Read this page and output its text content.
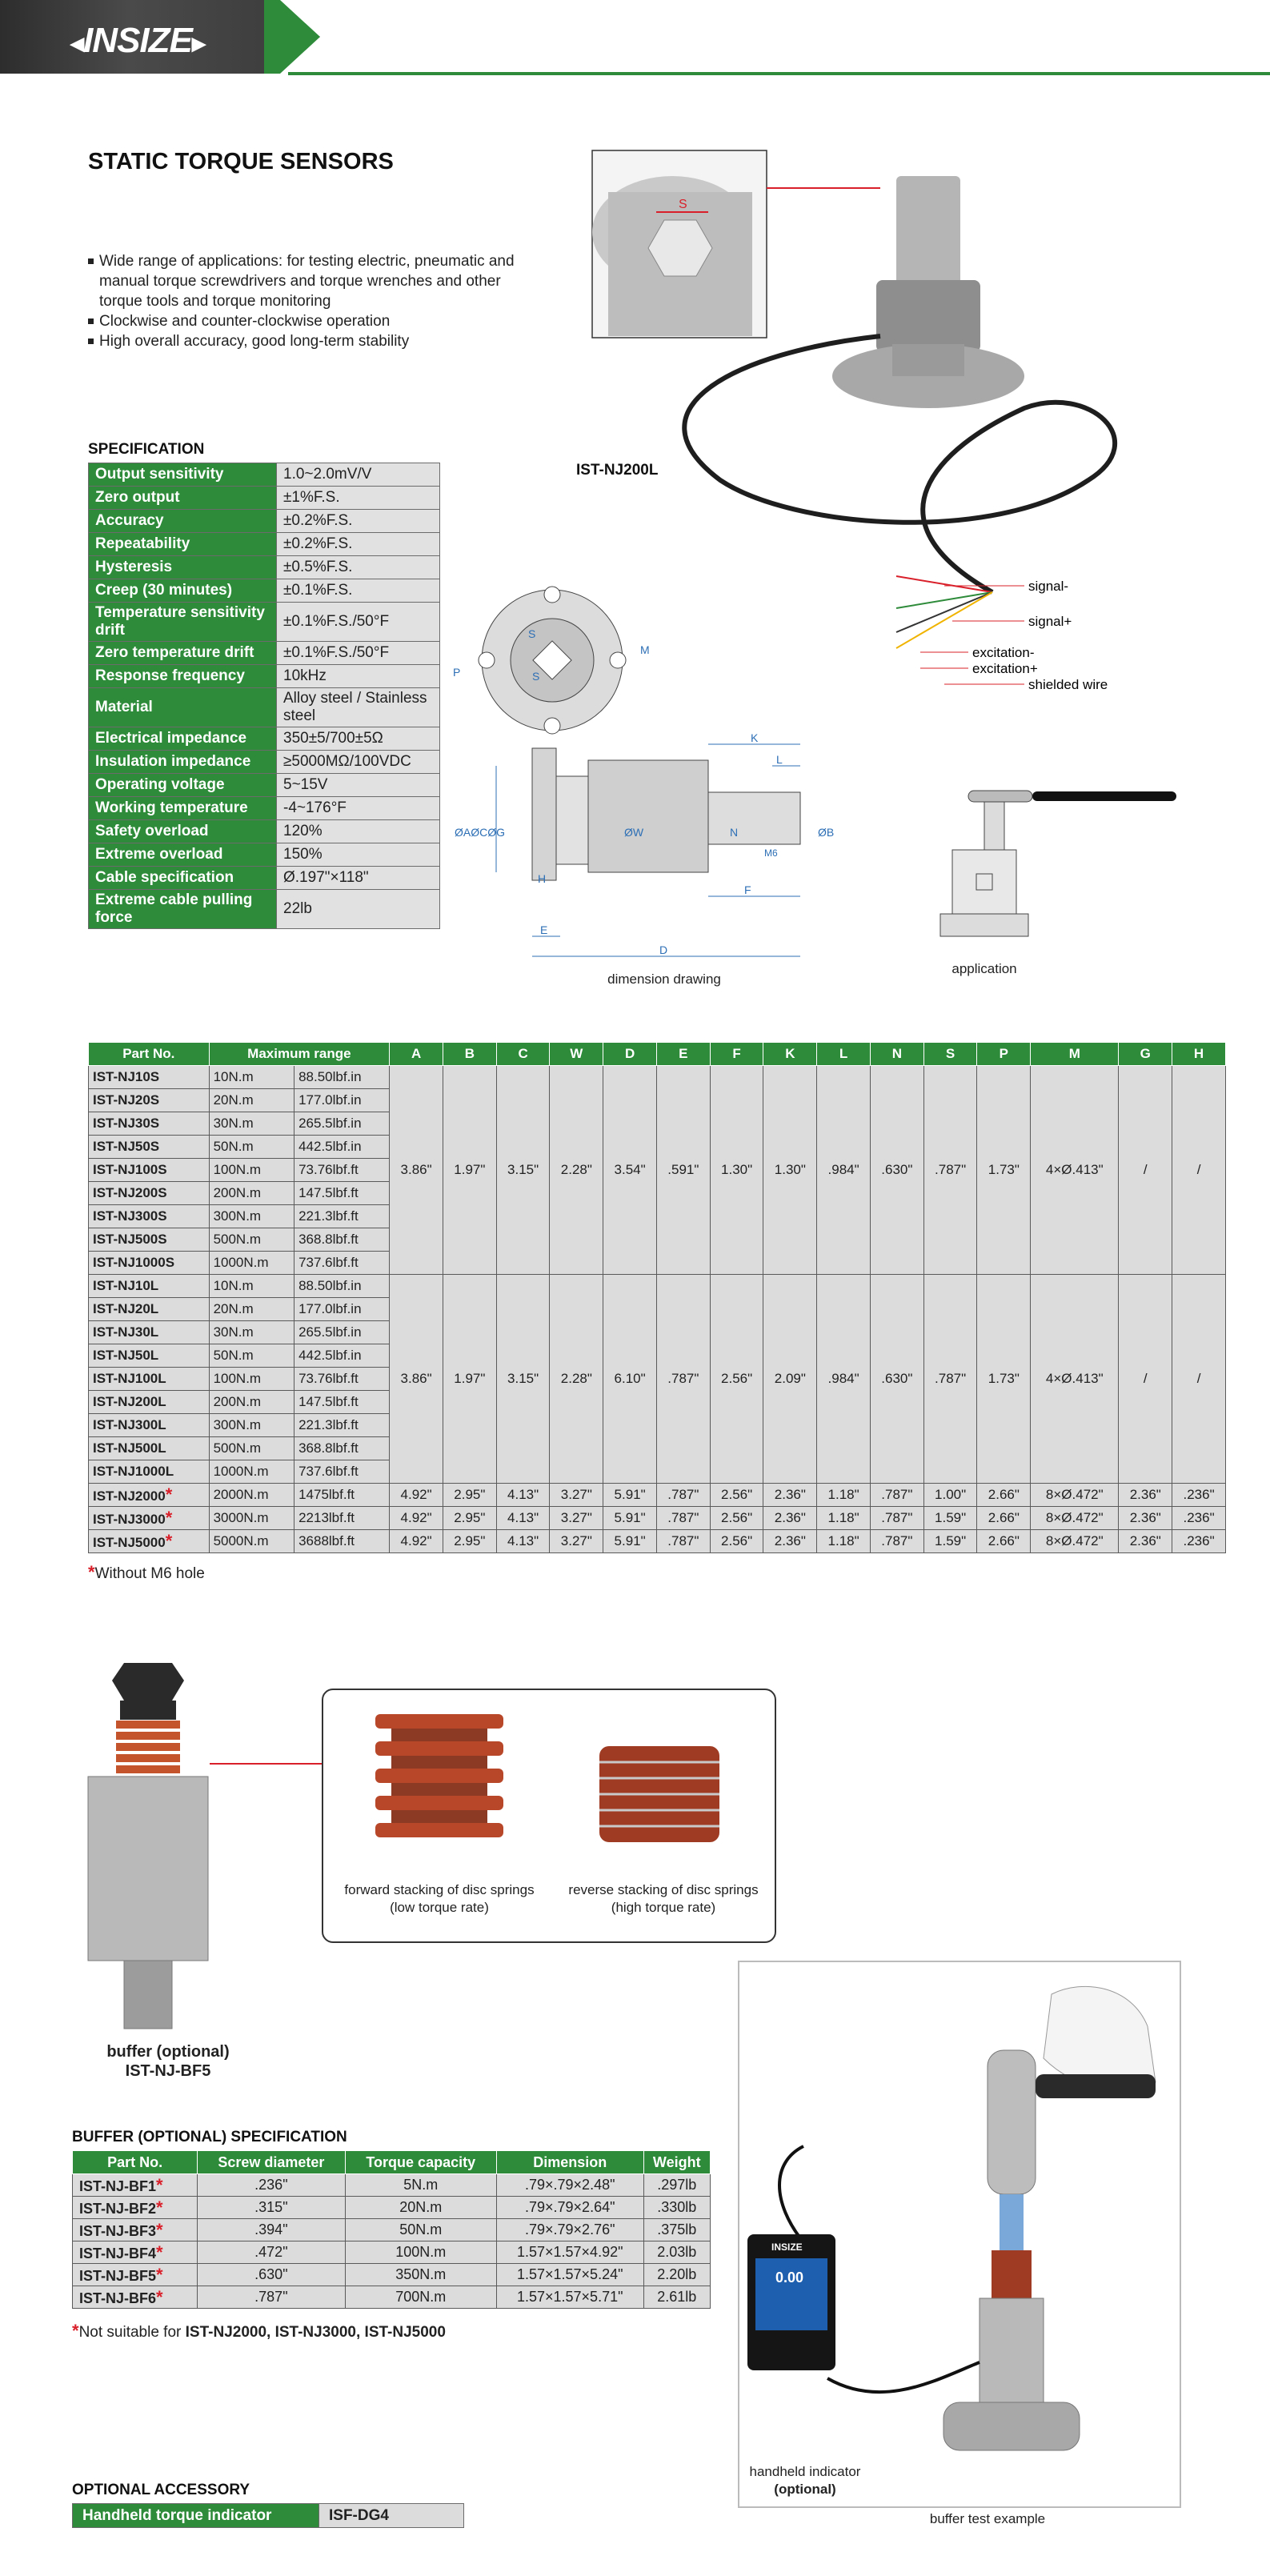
◂INSIZE▸
STATIC TORQUE SENSORS
Wide range of applications: for testing electric, pneumatic and manual torque screwdrivers and torque wrenches and other torque tools and torque monitoring
Clockwise and counter-clockwise operation
High overall accuracy, good long-term stability
SPECIFICATION
Output sensitivity	1.0~2.0mV/V
Zero output	±1%F.S.
Accuracy	±0.2%F.S.
Repeatability	±0.2%F.S.
Hysteresis	±0.5%F.S.
Creep (30 minutes)	±0.1%F.S.
Temperature sensitivity drift	±0.1%F.S./50°F
Zero temperature drift	±0.1%F.S./50°F
Response frequency	10kHz
Material	Alloy steel / Stainless steel
Electrical impedance	350±5/700±5Ω
Insulation impedance	≥5000MΩ/100VDC
Operating voltage	5~15V
Working temperature	-4~176°F
Safety overload	120%
Extreme overload	150%
Cable specification	Ø.197"×118"
Extreme cable pulling force	22lb
S
IST-NJ200L
signal-
signal+
excitation-
excitation+
shielded wire
S
S
P
M
ØAØCØG	ØW	N
M6
ØB
H
F
E
D
K
L
dimension drawing
application
Part No.	Maximum range		A	B	C	W	D	E	F	K	L	N	S	P	M	G	H
IST-NJ10S	10N.m	88.50lbf.in	3.86"	1.97"	3.15"	2.28"	3.54"	.591"	1.30"	1.30"	.984"	.630"	.787"	1.73"	4×Ø.413"	/	/
IST-NJ20S	20N.m	177.0lbf.in															
IST-NJ30S	30N.m	265.5lbf.in															
IST-NJ50S	50N.m	442.5lbf.in															
IST-NJ100S	100N.m	73.76lbf.ft															
IST-NJ200S	200N.m	147.5lbf.ft															
IST-NJ300S	300N.m	221.3lbf.ft															
IST-NJ500S	500N.m	368.8lbf.ft															
IST-NJ1000S	1000N.m	737.6lbf.ft															
IST-NJ10L	10N.m	88.50lbf.in	3.86"	1.97"	3.15"	2.28"	6.10"	.787"	2.56"	2.09"	.984"	.630"	.787"	1.73"	4×Ø.413"	/	/
IST-NJ20L	20N.m	177.0lbf.in															
IST-NJ30L	30N.m	265.5lbf.in															
IST-NJ50L	50N.m	442.5lbf.in															
IST-NJ100L	100N.m	73.76lbf.ft															
IST-NJ200L	200N.m	147.5lbf.ft															
IST-NJ300L	300N.m	221.3lbf.ft															
IST-NJ500L	500N.m	368.8lbf.ft															
IST-NJ1000L	1000N.m	737.6lbf.ft															
IST-NJ2000*	2000N.m	1475lbf.ft	4.92"	2.95"	4.13"	3.27"	5.91"	.787"	2.56"	2.36"	1.18"	.787"	1.00"	2.66"	8×Ø.472"	2.36"	.236"
IST-NJ3000*	3000N.m	2213lbf.ft	4.92"	2.95"	4.13"	3.27"	5.91"	.787"	2.56"	2.36"	1.18"	.787"	1.59"	2.66"	8×Ø.472"	2.36"	.236"
IST-NJ5000*	5000N.m	3688lbf.ft	4.92"	2.95"	4.13"	3.27"	5.91"	.787"	2.56"	2.36"	1.18"	.787"	1.59"	2.66"	8×Ø.472"	2.36"	.236"
*Without M6 hole
buffer (optional)
IST-NJ-BF5
forward stacking of disc springs
(low torque rate)
reverse stacking of disc springs
(high torque rate)
BUFFER (OPTIONAL) SPECIFICATION
Part No.	Screw diameter	Torque capacity	Dimension	Weight
IST-NJ-BF1*	.236"	5N.m	.79×.79×2.48"	.297lb
IST-NJ-BF2*	.315"	20N.m	.79×.79×2.64"	.330lb
IST-NJ-BF3*	.394"	50N.m	.79×.79×2.76"	.375lb
IST-NJ-BF4*	.472"	100N.m	1.57×1.57×4.92"	2.03lb
IST-NJ-BF5*	.630"	350N.m	1.57×1.57×5.24"	2.20lb
IST-NJ-BF6*	.787"	700N.m	1.57×1.57×5.71"	2.61lb
*Not suitable for IST-NJ2000, IST-NJ3000, IST-NJ5000
INSIZE
0.00
handheld indicator
(optional)
buffer test example
OPTIONAL ACCESSORY
Handheld torque indicator	ISF-DG4
